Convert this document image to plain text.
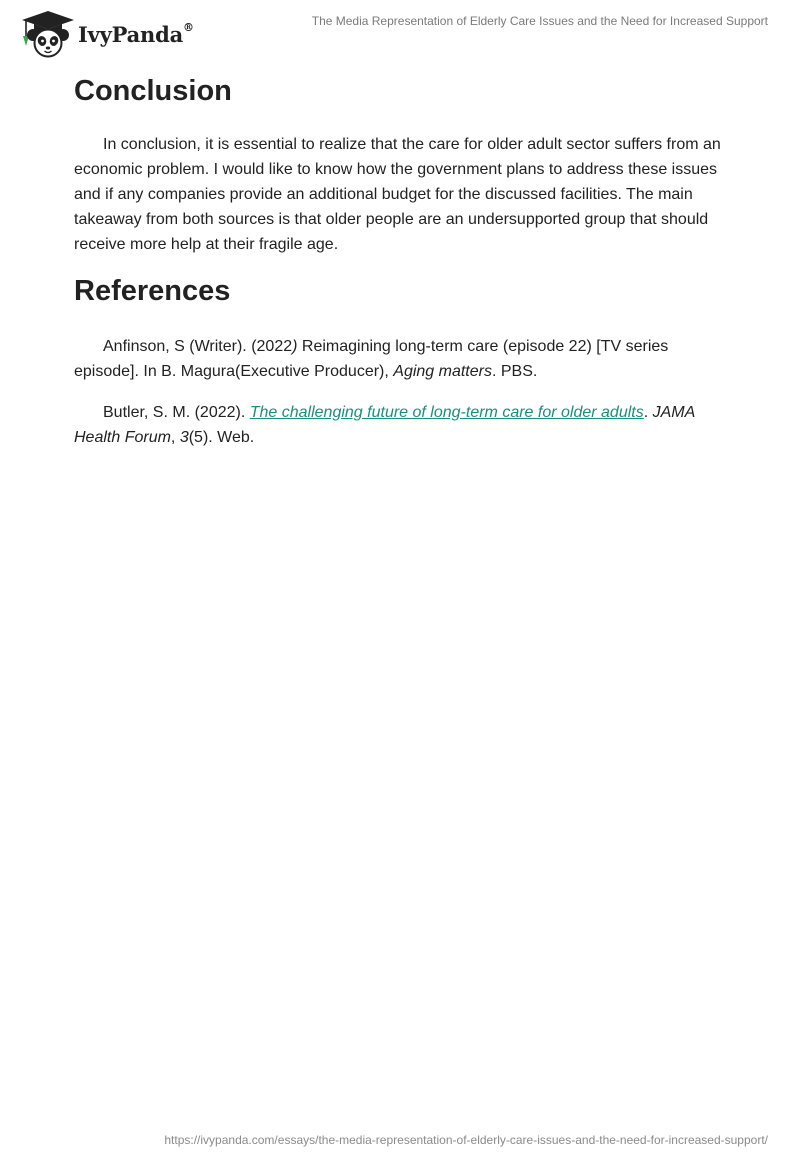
IvyPanda®	The Media Representation of Elderly Care Issues and the Need for Increased Support
Conclusion

In conclusion, it is essential to realize that the care for older adult sector suffers from an economic problem. I would like to know how the government plans to address these issues and if any companies provide an additional budget for the discussed facilities. The main takeaway from both sources is that older people are an undersupported group that should receive more help at their fragile age.

References

Anfinson, S (Writer). (2022) Reimagining long-term care (episode 22) [TV series episode]. In B. Magura(Executive Producer), Aging matters. PBS.

Butler, S. M. (2022). The challenging future of long-term care for older adults. JAMA Health Forum, 3(5). Web.

https://ivypanda.com/essays/the-media-representation-of-elderly-care-issues-and-the-need-for-increased-support/
